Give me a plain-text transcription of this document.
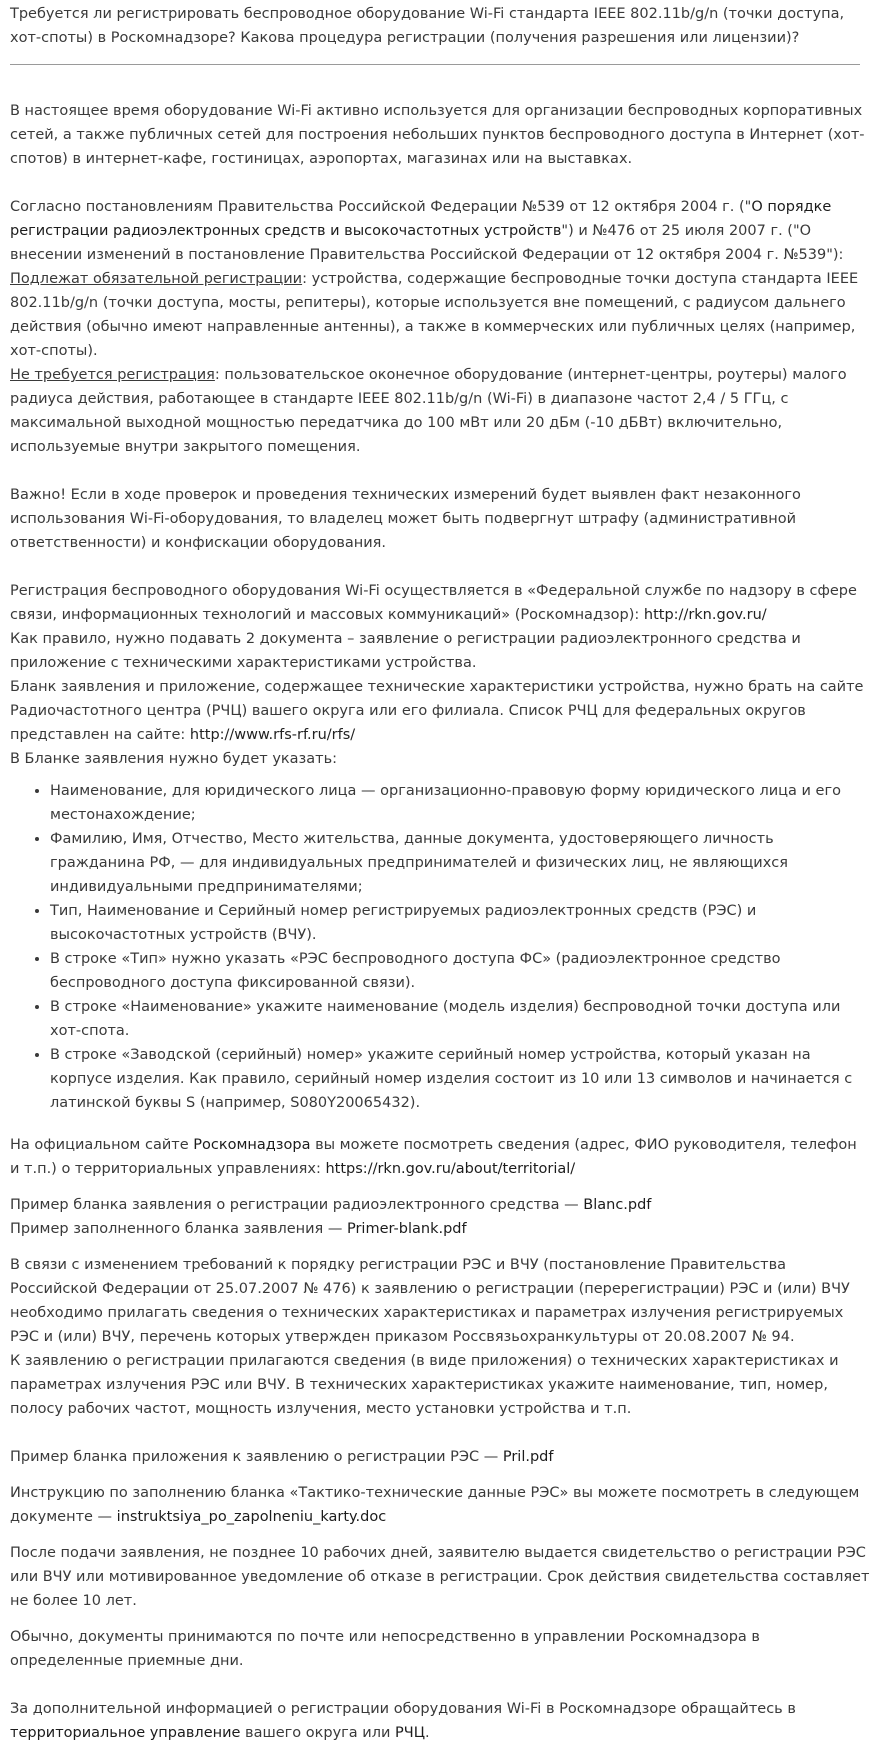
Требуется ли регистрировать беспроводное оборудование Wi-Fi стандарта IEEE 802.11b/g/n (точки доступа, хот-споты) в Роскомнадзоре? Какова процедура регистрации (получения разрешения или лицензии)?

В настоящее время оборудование Wi-Fi активно используется для организации беспроводных корпоративных сетей, а также публичных сетей для построения небольших пунктов беспроводного доступа в Интернет (хот-спотов) в интернет-кафе, гостиницах, аэропортах, магазинах или на выставках.

Согласно постановлениям Правительства Российской Федерации №539 от 12 октября 2004 г. ("О порядке регистрации радиоэлектронных средств и высокочастотных устройств") и №476 от 25 июля 2007 г. ("О внесении изменений в постановление Правительства Российской Федерации от 12 октября 2004 г. №539"):
Подлежат обязательной регистрации: устройства, содержащие беспроводные точки доступа стандарта IEEE 802.11b/g/n (точки доступа, мосты, репитеры), которые используется вне помещений, с радиусом дальнего действия (обычно имеют направленные антенны), а также в коммерческих или публичных целях (например, хот-споты).
Не требуется регистрация: пользовательское оконечное оборудование (интернет-центры, роутеры) малого радиуса действия, работающее в стандарте IEEE 802.11b/g/n (Wi-Fi) в диапазоне частот 2,4 / 5 ГГц, с максимальной выходной мощностью передатчика до 100 мВт или 20 дБм (-10 дБВт) включительно, используемые внутри закрытого помещения.

Важно! Если в ходе проверок и проведения технических измерений будет выявлен факт незаконного использования Wi-Fi-оборудования, то владелец может быть подвергнут штрафу (административной ответственности) и конфискации оборудования.

Регистрация беспроводного оборудования Wi-Fi осуществляется в «Федеральной службе по надзору в сфере связи, информационных технологий и массовых коммуникаций» (Роскомнадзор): http://rkn.gov.ru/
Как правило, нужно подавать 2 документа – заявление о регистрации радиоэлектронного средства и приложение с техническими характеристиками устройства.
Бланк заявления и приложение, содержащее технические характеристики устройства, нужно брать на сайте Радиочастотного центра (РЧЦ) вашего округа или его филиала. Список РЧЦ для федеральных округов представлен на сайте: http://www.rfs-rf.ru/rfs/
В Бланке заявления нужно будет указать:

• Наименование, для юридического лица — организационно-правовую форму юридического лица и его местонахождение;
• Фамилию, Имя, Отчество, Место жительства, данные документа, удостоверяющего личность гражданина РФ, — для индивидуальных предпринимателей и физических лиц, не являющихся индивидуальными предпринимателями;
• Тип, Наименование и Серийный номер регистрируемых радиоэлектронных средств (РЭС) и высокочастотных устройств (ВЧУ).
• В строке «Тип» нужно указать «РЭС беспроводного доступа ФС» (радиоэлектронное средство беспроводного доступа фиксированной связи).
• В строке «Наименование» укажите наименование (модель изделия) беспроводной точки доступа или хот-спота.
• В строке «Заводской (серийный) номер» укажите серийный номер устройства, который указан на корпусе изделия. Как правило, серийный номер изделия состоит из 10 или 13 символов и начинается с латинской буквы S (например, S080Y20065432).

На официальном сайте Роскомнадзора вы можете посмотреть сведения (адрес, ФИО руководителя, телефон и т.п.) о территориальных управлениях: https://rkn.gov.ru/about/territorial/

Пример бланка заявления о регистрации радиоэлектронного средства — Blanc.pdf
Пример заполненного бланка заявления — Primer-blank.pdf

В связи с изменением требований к порядку регистрации РЭС и ВЧУ (постановление Правительства Российской Федерации от 25.07.2007 № 476) к заявлению о регистрации (перерегистрации) РЭС и (или) ВЧУ необходимо прилагать сведения о технических характеристиках и параметрах излучения регистрируемых РЭС и (или) ВЧУ, перечень которых утвержден приказом Россвязьохранкультуры от 20.08.2007 № 94.
К заявлению о регистрации прилагаются сведения (в виде приложения) о технических характеристиках и параметрах излучения РЭС или ВЧУ. В технических характеристиках укажите наименование, тип, номер, полосу рабочих частот, мощность излучения, место установки устройства и т.п.

Пример бланка приложения к заявлению о регистрации РЭС — Pril.pdf

Инструкцию по заполнению бланка «Тактико-технические данные РЭС» вы можете посмотреть в следующем документе — instruktsiya_po_zapolneniu_karty.doc

После подачи заявления, не позднее 10 рабочих дней, заявителю выдается свидетельство о регистрации РЭС или ВЧУ или мотивированное уведомление об отказе в регистрации. Срок действия свидетельства составляет не более 10 лет.

Обычно, документы принимаются по почте или непосредственно в управлении Роскомнадзора в определенные приемные дни.

За дополнительной информацией о регистрации оборудования Wi-Fi в Роскомнадзоре обращайтесь в территориальное управление вашего округа или РЧЦ.
